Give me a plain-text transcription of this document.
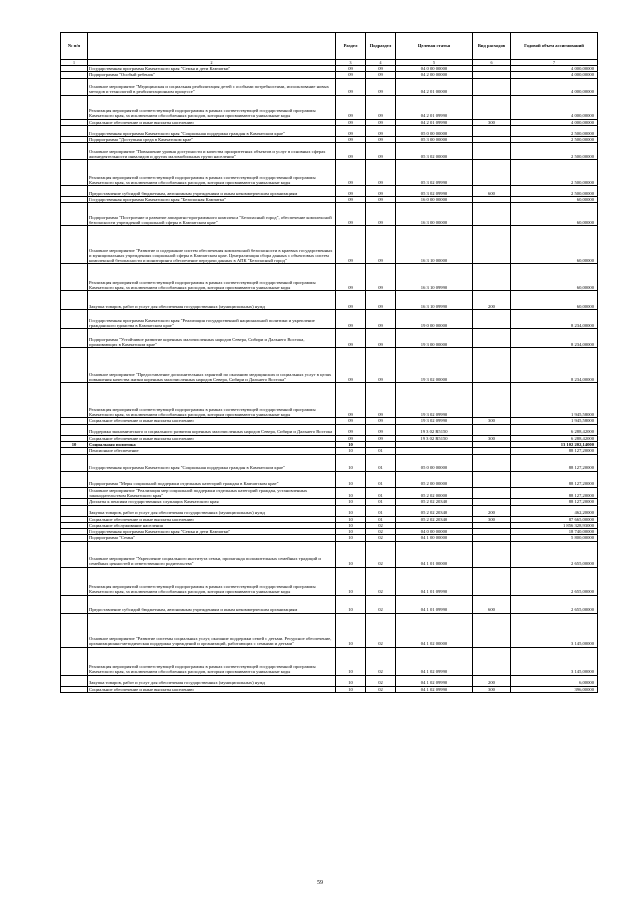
№ п/п		Раздел	Подраздел	Целевая статья	Вид расходов	Годовой объем ассигнований
1	2	3	4	5	6	7
	Государственная программа Камчатского края "Семья и дети Камчатки"	09	09	04 0 00 00000		4 000,00000
	Подпрограмма "Особый ребенок"	09	09	04 2 00 00000		4 000,00000
	Основное мероприятие "Медицинская и социальная реабилитация детей с особыми потребностями, использование новых методов и технологий в реабилитационном процессе"	09	09	04 2 01 00000		4 000,00000
	Реализация мероприятий соответствующей подпрограммы в рамках соответствующей государственной программы Камчатского края, за исключением обособленных расходов, которым присваиваются уникальные коды	09	09	04 2 01 09990		4 000,00000
	Социальное обеспечение и иные выплаты населению	09	09	04 2 01 09990	300	4 000,00000
	Государственная программа Камчатского края "Социальная поддержка граждан в Камчатском крае"	09	09	05 0 00 00000		2 500,00000
	Подпрограмма "Доступная среда в Камчатском крае"	09	09	05 3 00 00000		2 500,00000
	Основное мероприятие "Повышение уровня доступности и качества приоритетных объектов и услуг в основных сферах жизнедеятельности инвалидов и других маломобильных групп населения"	09	09	05 3 02 00000		2 500,00000
	Реализация мероприятий соответствующей подпрограммы в рамках соответствующей государственной программы Камчатского края, за исключением обособленных расходов, которым присваиваются уникальные коды	09	09	05 3 02 09990		2 500,00000
	Предоставление субсидий бюджетным, автономным учреждениям и иным некоммерческим организациям	09	09	05 3 02 09990	600	2 500,00000
	Государственная программа Камчатского края "Безопасная Камчатка"	09	09	16 0 00 00000		60,00000
	Подпрограмма "Построение и развитие аппаратно-программного комплекса "Безопасный город", обеспечение комплексной безопасности учреждений социальной сферы в Камчатском крае"	09	09	16 3 00 00000		60,00000
	Основное мероприятие "Развитие и содержание систем обеспечения комплексной безопасности в краевых государственных и муниципальных учреждениях социальной сферы в Камчатском крае. Централизация сбора данных с объектовых систем комплексной безопасности и мониторинга обеспечение передачи данных в АПК "Безопасный город"	09	09	16 3 10 00000		60,00000
	Реализация мероприятий соответствующей подпрограммы в рамках соответствующей государственной программы Камчатского края, за исключением обособленных расходов, которым присваиваются уникальные коды	09	09	16 3 10 09990		60,00000
	Закупка товаров, работ и услуг для обеспечения государственных (муниципальных) нужд	09	09	16 3 10 09990	200	60,00000
	Государственная программа Камчатского края "Реализация государственной национальной политики и укрепление гражданского единства в Камчатском крае"	09	09	19 0 00 00000		8 234,00000
	Подпрограмма "Устойчивое развитие коренных малочисленных народов Севера, Сибири и Дальнего Востока, проживающих в Камчатском крае"	09	09	19 3 00 00000		8 234,00000
	Основное мероприятие "Предоставление дополнительных гарантий по оказанию медицинских и социальных услуг в целях повышения качества жизни коренных малочисленных народов Севера, Сибири и Дальнего Востока"	09	09	19 3 02 00000		8 234,00000
	Реализация мероприятий соответствующей подпрограммы в рамках соответствующей государственной программы Камчатского края, за исключением обособленных расходов, которым присваиваются уникальные коды	09	09	19 3 02 09990		1 945,58000
	Социальное обеспечение и иные выплаты населению	09	09	19 3 02 09990	300	1 945,58000
	Поддержка экономического и социального развития коренных малочисленных народов Севера, Сибири и Дальнего Востока	09	09	19 3 02 R5150		6 288,42000
	Социальное обеспечение и иные выплаты населению	09	09	19 3 02 R5150	300	6 288,42000
10	Социальная политика	10				13 102 202,14000
	Пенсионное обеспечение	10	01			88 127,20000
	Государственная программа Камчатского края "Социальная поддержка граждан в Камчатском крае"	10	01	05 0 00 00000		88 127,20000
	Подпрограмма "Меры социальной поддержки отдельных категорий граждан в Камчатском крае"	10	01	05 2 00 00000		88 127,20000
	Основное мероприятие "Реализация мер социальной поддержки отдельных категорий граждан, установленных законодательством Камчатского края"	10	01	05 2 02 00000		88 127,20000
	Доплаты к пенсиям государственных служащих Камчатского края	10	01	05 2 02 20340		88 127,20000
	Закупка товаров, работ и услуг для обеспечения государственных (муниципальных) нужд	10	01	05 2 02 20340	200	462,20000
	Социальное обеспечение и иные выплаты населению	10	01	05 2 02 20340	300	87 665,00000
	Социальное обслуживание населения	10	02			1 856 328,93000
	Государственная программа Камчатского края "Семья и дети Камчатки"	10	02	04 0 00 00000		18 740,00000
	Подпрограмма "Семья"	10	02	04 1 00 00000		5 800,00000
	Основное мероприятие "Укрепление социального института семьи, пропаганда положительных семейных традиций и семейных ценностей и ответственного родительства"	10	02	04 1 01 00000		2 655,00000
	Реализация мероприятий соответствующей подпрограммы в рамках соответствующей государственной программы Камчатского края, за исключением обособленных расходов, которым присваиваются уникальные коды	10	02	04 1 01 09990		2 655,00000
	Предоставление субсидий бюджетным, автономным учреждениям и иным некоммерческим организациям	10	02	04 1 01 09990	600	2 655,00000
	Основное мероприятие "Развитие системы социальных услуг, оказание поддержки семей с детьми. Ресурсное обеспечение, организационно-методическая поддержка учреждений и организаций, работающих с семьями и детьми"	10	02	04 1 02 00000		3 145,00000
	Реализация мероприятий соответствующей подпрограммы в рамках соответствующей государственной программы Камчатского края, за исключением обособленных расходов, которым присваиваются уникальные коды	10	02	04 1 02 09990		3 145,00000
	Закупка товаров, работ и услуг для обеспечения государственных (муниципальных) нужд	10	02	04 1 02 09990	200	6,00000
	Социальное обеспечение и иные выплаты населению	10	02	04 1 02 09990	300	396,00000
59
